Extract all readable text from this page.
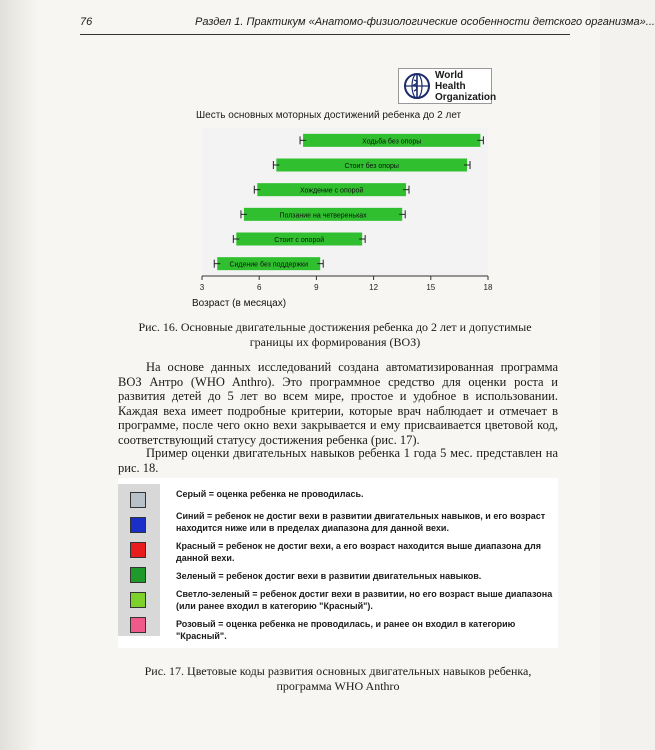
76	Раздел 1. Практикум «Анатомо-физиологические особенности детского организма»...
World Health
Organization
Шесть основных моторных достижений ребенка до 2 лет
Ходьба без опоры
Стоит без опоры
Хождение с опорой
Ползание на четвереньках
Стоит с опорой
Сидение без поддержки
3	6	9	12	15	18
Возраст (в месяцах)
Рис. 16. Основные двигательные достижения ребенка до 2 лет и допустимые границы их формирования (ВОЗ)
На основе данных исследований создана автоматизированная программа ВОЗ Антро (WHO Anthro). Это программное средство для оценки роста и развития детей до 5 лет во всем мире, простое и удобное в использовании. Каждая веха имеет подробные критерии, которые врач наблюдает и отмечает в программе, после чего окно вехи закрывается и ему присваивается цветовой код, соответствующий статусу достижения ребенка (рис. 17).
Пример оценки двигательных навыков ребенка 1 года 5 мес. представлен на рис. 18.
Серый = оценка ребенка не проводилась.
Синий = ребенок не достиг вехи в развитии двигательных навыков, и его возраст находится ниже или в пределах диапазона для данной вехи.
Красный = ребенок не достиг вехи, а его возраст находится выше диапазона для данной вехи.
Зеленый = ребенок достиг вехи в развитии двигательных навыков.
Светло-зеленый = ребенок достиг вехи в развитии, но его возраст выше диапазона (или ранее входил в категорию "Красный").
Розовый = оценка ребенка не проводилась, и ранее он входил в категорию "Красный".
Рис. 17. Цветовые коды развития основных двигательных навыков ребенка, программа WHO Anthro
